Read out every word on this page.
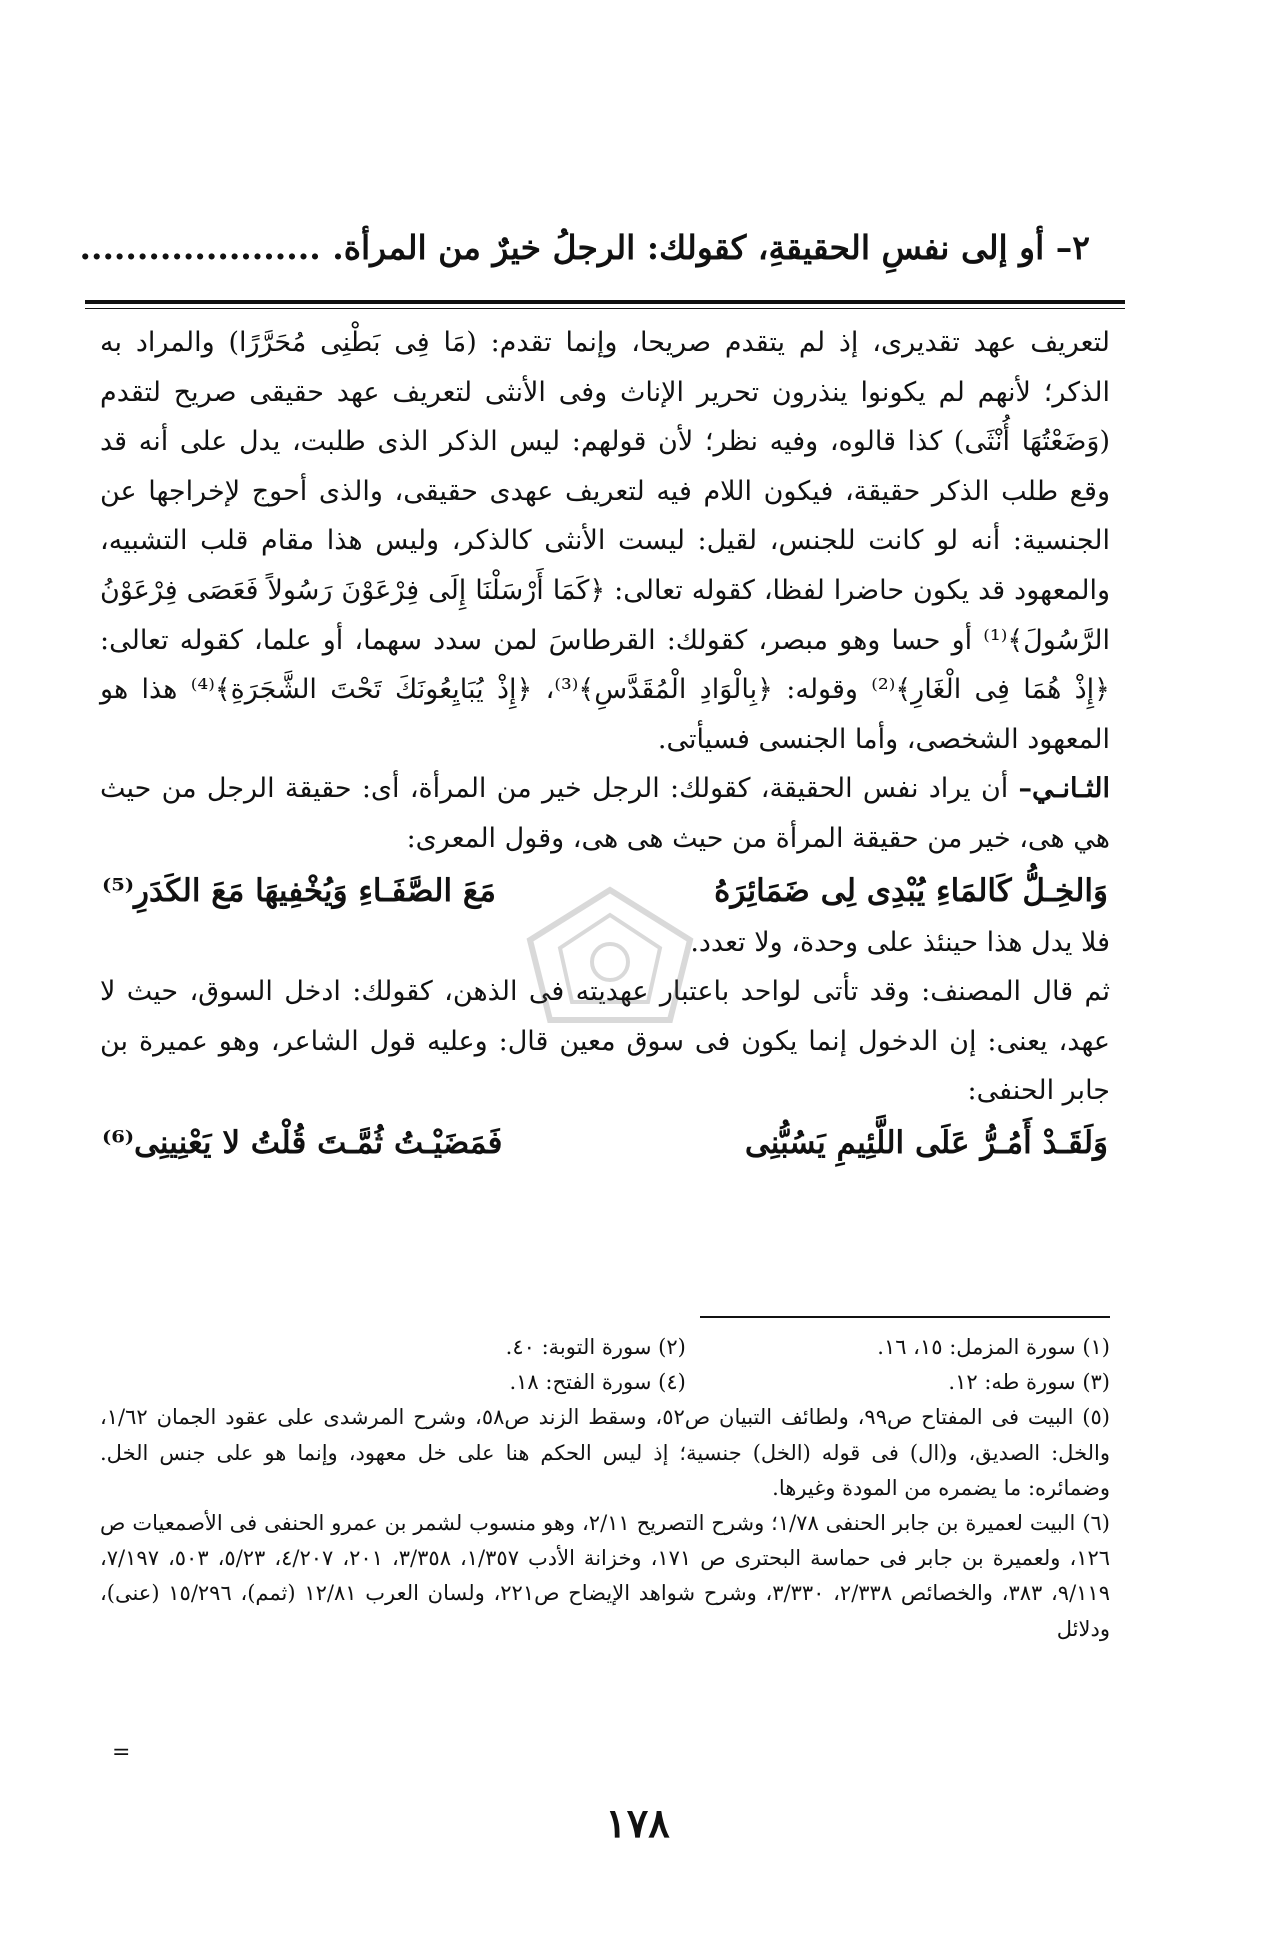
٢– أو إلى نفسِ الحقيقةِ، كقولك: الرجلُ خيرٌ من المرأة. .....................

لتعريف عهد تقديرى، إذ لم يتقدم صريحا، وإنما تقدم: (مَا فِى بَطْنِى مُحَرَّرًا) والمراد به الذكر؛ لأنهم لم يكونوا ينذرون تحرير الإناث وفى الأنثى لتعريف عهد حقيقى صريح لتقدم (وَضَعْتُهَا أُنْثَى) كذا قالوه، وفيه نظر؛ لأن قولهم: ليس الذكر الذى طلبت، يدل على أنه قد وقع طلب الذكر حقيقة، فيكون اللام فيه لتعريف عهدى حقيقى، والذى أحوج لإخراجها عن الجنسية: أنه لو كانت للجنس، لقيل: ليست الأنثى كالذكر، وليس هذا مقام قلب التشبيه، والمعهود قد يكون حاضرا لفظا، كقوله تعالى: ﴿كَمَا أَرْسَلْنَا إِلَى فِرْعَوْنَ رَسُولاً فَعَصَى فِرْعَوْنُ الرَّسُولَ﴾⁽¹⁾ أو حسا وهو مبصر، كقولك: القرطاسَ لمن سدد سهما، أو علما، كقوله تعالى: ﴿إِذْ هُمَا فِى الْغَارِ﴾⁽²⁾ وقوله: ﴿بِالْوَادِ الْمُقَدَّسِ﴾⁽³⁾، ﴿إِذْ يُبَايِعُونَكَ تَحْتَ الشَّجَرَةِ﴾⁽⁴⁾ هذا هو المعهود الشخصى، وأما الجنسى فسيأتى.

الثـانـي– أن يراد نفس الحقيقة، كقولك: الرجل خير من المرأة، أى: حقيقة الرجل من حيث هي هى، خير من حقيقة المرأة من حيث هى هى، وقول المعرى:

وَالخِـلُّ كَالمَاءِ يُبْدِى لِى ضَمَائِرَهُ
مَعَ الصَّفَـاءِ وَيُخْفِيهَا مَعَ الكَدَرِ⁽⁵⁾

فلا يدل هذا حينئذ على وحدة، ولا تعدد.

ثم قال المصنف: وقد تأتى لواحد باعتبار عهديته فى الذهن، كقولك: ادخل السوق، حيث لا عهد، يعنى: إن الدخول إنما يكون فى سوق معين قال: وعليه قول الشاعر، وهو عميرة بن جابر الحنفى:

وَلَقَـدْ أَمُـرُّ عَلَى اللَّئِيمِ يَسُبُّنِى
فَمَضَيْـتُ ثُمَّـتَ قُلْتُ لا يَعْنِينِى⁽⁶⁾
(١) سورة المزمل: ١٥، ١٦.
(٢) سورة التوبة: ٤٠.
(٣) سورة طه: ١٢.
(٤) سورة الفتح: ١٨.

(٥) البيت فى المفتاح ص٩٩، ولطائف التبيان ص٥٢، وسقط الزند ص٥٨، وشرح المرشدى على عقود الجمان ١/٦٢، والخل: الصديق، و(ال) فى قوله (الخل) جنسية؛ إذ ليس الحكم هنا على خل معهود، وإنما هو على جنس الخل. وضمائره: ما يضمره من المودة وغيرها.

(٦) البيت لعميرة بن جابر الحنفى ١/٧٨؛ وشرح التصريح ٢/١١، وهو منسوب لشمر بن عمرو الحنفى فى الأصمعيات ص ١٢٦، ولعميرة بن جابر فى حماسة البحترى ص ١٧١، وخزانة الأدب ١/٣٥٧، ٣/٣٥٨، ٢٠١، ٤/٢٠٧، ٥/٢٣، ٥٠٣، ٧/١٩٧، ٩/١١٩، ٣٨٣، والخصائص ٢/٣٣٨، ٣/٣٣٠، وشرح شواهد الإيضاح ص٢٢١، ولسان العرب ١٢/٨١ (ثمم)، ١٥/٢٩٦ (عنى)، ودلائل

=
١٧٨
